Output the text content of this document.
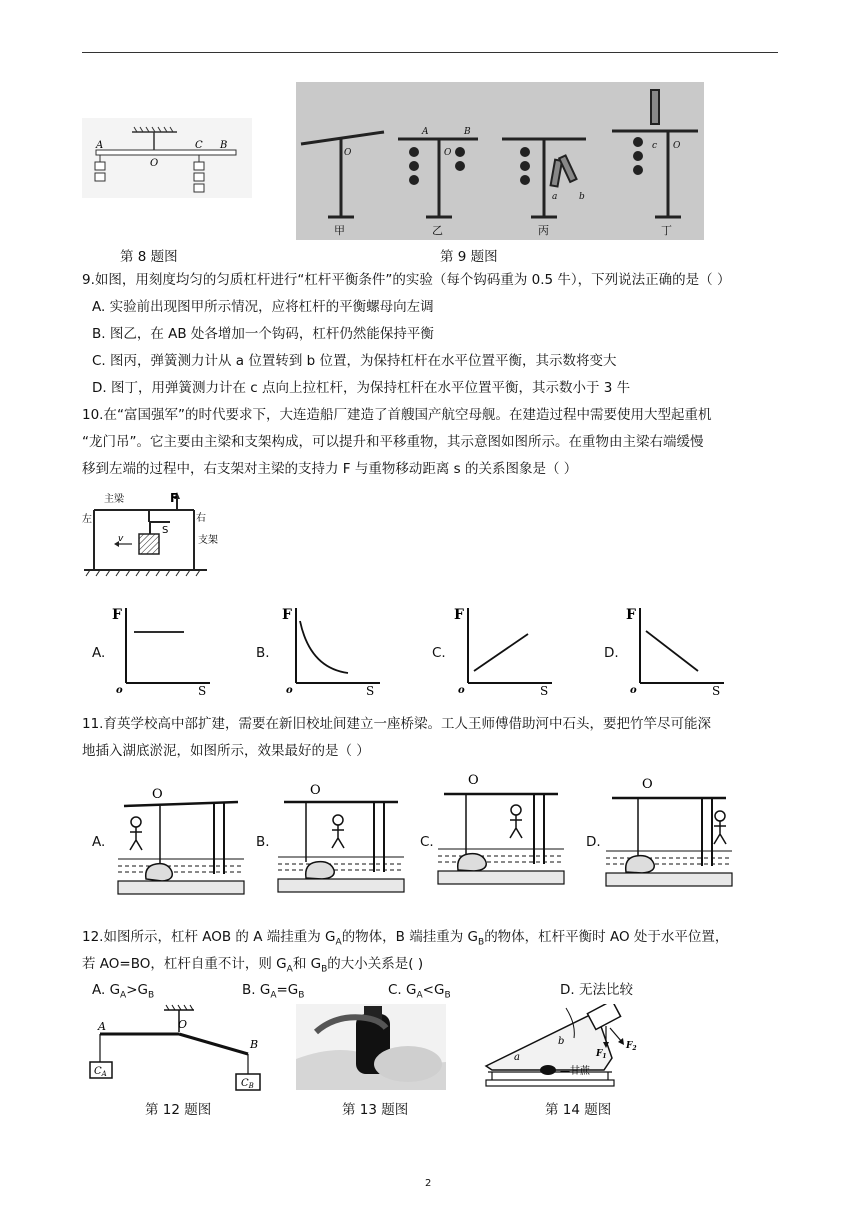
A
O
C B
O
A	B
O
a b
c O
甲	乙	丙	丁
第 8 题图	第 9 题图
9.如图，用刻度均匀的匀质杠杆进行“杠杆平衡条件”的实验（每个钩码重为 0.5 牛），下列说法正确的是（ ）
A. 实验前出现图甲所示情况，应将杠杆的平衡螺母向左调
B. 图乙，在 AB 处各增加一个钩码，杠杆仍然能保持平衡
C. 图丙，弹簧测力计从 a 位置转到 b 位置，为保持杠杆在水平位置平衡，其示数将变大
D. 图丁，用弹簧测力计在 c 点向上拉杠杆，为保持杠杆在水平位置平衡，其示数小于 3 牛
10.在“富国强军”的时代要求下，大连造船厂建造了首艘国产航空母舰。在建造过程中需要使用大型起重机
“龙门吊”。它主要由主梁和支架构成，可以提升和平移重物，其示意图如图所示。在重物由主梁右端缓慢
移到左端的过程中，右支架对主梁的支持力 F 与重物移动距离 s 的关系图象是（ ）
主梁	F
左	右
S
v	支架
A.
F
o	S
B.
F
o	S
C.
F
o	S
D.
F
o	S
11.育英学校高中部扩建，需要在新旧校址间建立一座桥梁。工人王师傅借助河中石头，要把竹竿尽可能深
地插入湖底淤泥，如图所示，效果最好的是（ ）
A.
O
B.
O
C.
O
D.
O
12.如图所示，杠杆 AOB 的 A 端挂重为 $G_A$的物体，B 端挂重为 $G_B$的物体，杠杆平衡时 AO 处于水平位置，
若 AO=BO，杠杆自重不计，则 $G_A$和 $G_B$的大小关系是( )
A. $G_A>G_B$	B. $G_A=G_B$	C. $G_A<G_B$	D. 无法比较
A	O
B
$C_A$
$C_B$
a
b
—甘蔗
$F_1$
$F_2$
第 12 题图	第 13 题图	第 14 题图
2
